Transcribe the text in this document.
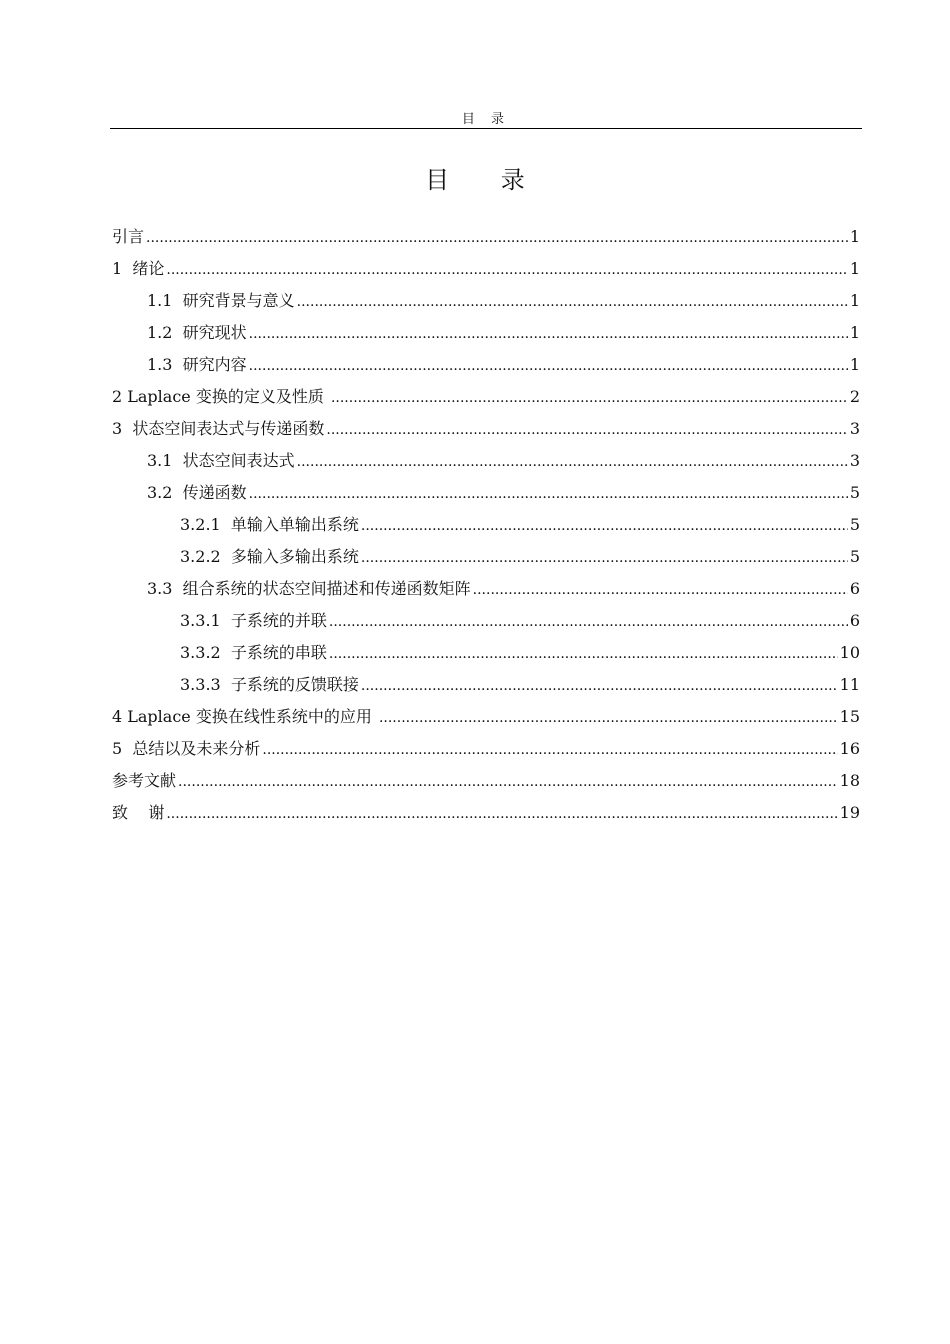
目 录
目 录
引言 .....	1
1 绪论 .....	1
1.1 研究背景与意义 .....	1
1.2 研究现状 .....	1
1.3 研究内容 .....	1
2 Laplace 变换的定义及性质 .....	2
3 状态空间表达式与传递函数 .....	3
3.1 状态空间表达式 .....	3
3.2 传递函数 .....	5
3.2.1 单输入单输出系统 .....	5
3.2.2 多输入多输出系统 .....	5
3.3 组合系统的状态空间描述和传递函数矩阵 .....	6
3.3.1 子系统的并联 .....	6
3.3.2 子系统的串联 .....	10
3.3.3 子系统的反馈联接 .....	11
4 Laplace 变换在线性系统中的应用 .....	15
5 总结以及未来分析 .....	16
参考文献 .....	18
致    谢 .....	19
